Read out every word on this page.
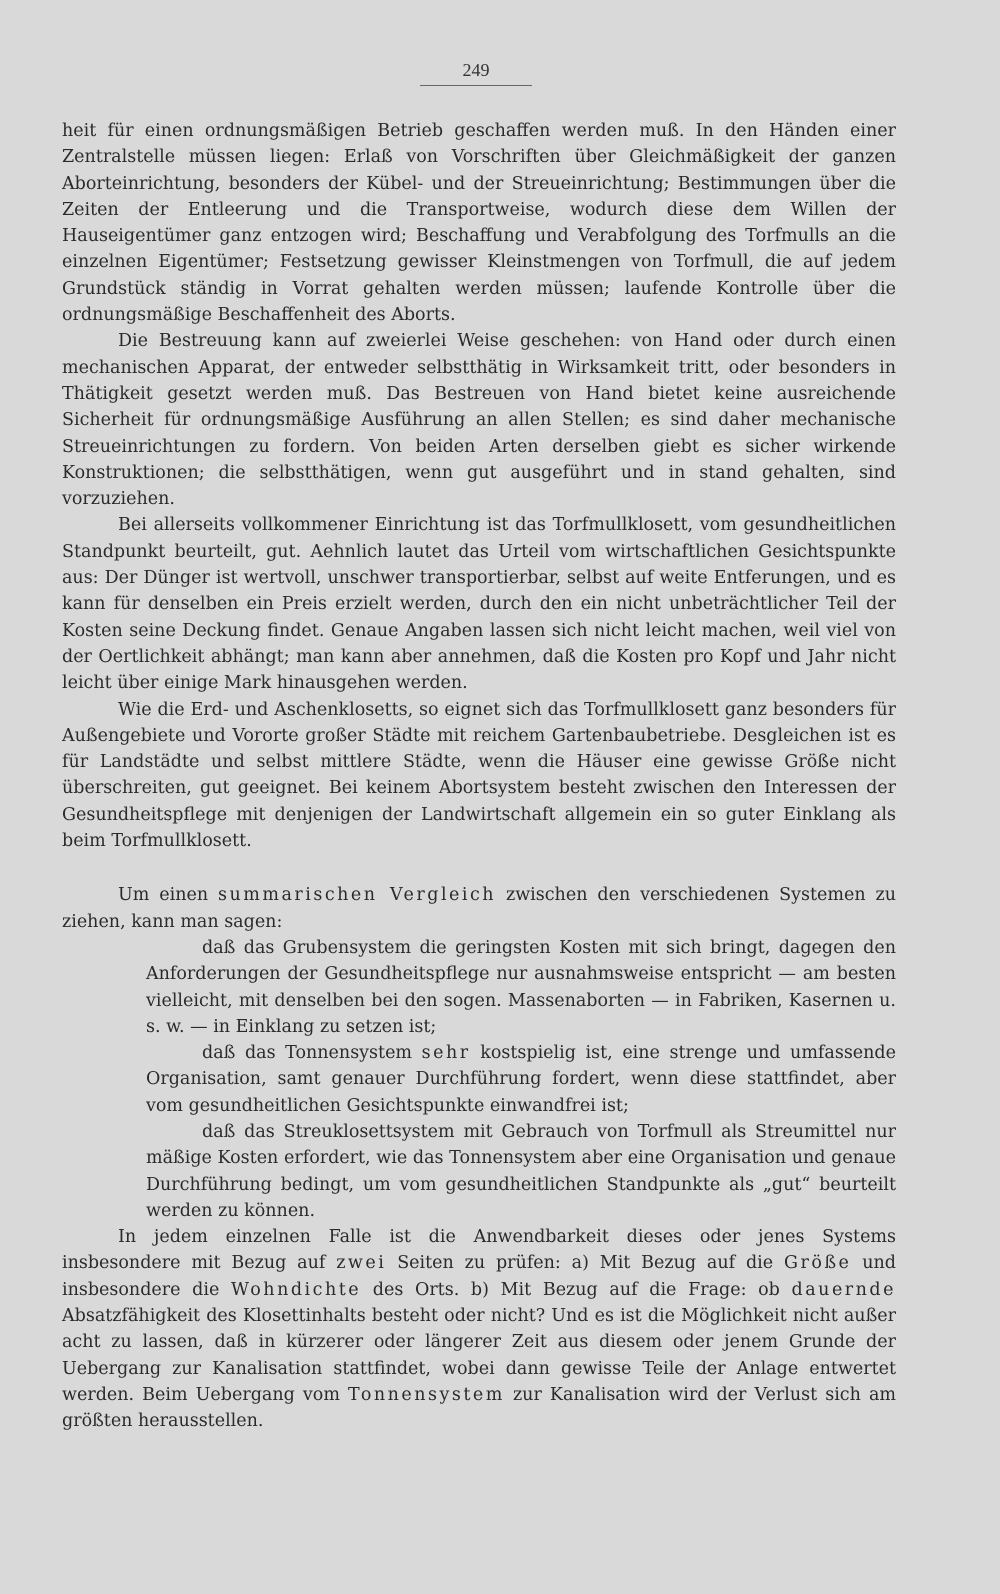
249

heit für einen ordnungsmäßigen Betrieb geschaffen werden muß. In den Händen einer Zentralstelle müssen liegen: Erlaß von Vorschriften über Gleichmäßigkeit der ganzen Aborteinrichtung, besonders der Kübel- und der Streueinrichtung; Bestimmungen über die Zeiten der Entleerung und die Transportweise, wodurch diese dem Willen der Hauseigentümer ganz entzogen wird; Beschaffung und Verabfolgung des Torfmulls an die einzelnen Eigentümer; Festsetzung gewisser Kleinstmengen von Torfmull, die auf jedem Grundstück ständig in Vorrat gehalten werden müssen; laufende Kontrolle über die ordnungsmäßige Beschaffenheit des Aborts.

Die Bestreuung kann auf zweierlei Weise geschehen: von Hand oder durch einen mechanischen Apparat, der entweder selbstthätig in Wirksamkeit tritt, oder besonders in Thätigkeit gesetzt werden muß. Das Bestreuen von Hand bietet keine ausreichende Sicherheit für ordnungsmäßige Ausführung an allen Stellen; es sind daher mechanische Streueinrichtungen zu fordern. Von beiden Arten derselben giebt es sicher wirkende Konstruktionen; die selbstthätigen, wenn gut ausgeführt und in stand gehalten, sind vorzuziehen.

Bei allerseits vollkommener Einrichtung ist das Torfmullklosett, vom gesundheitlichen Standpunkt beurteilt, gut. Aehnlich lautet das Urteil vom wirtschaftlichen Gesichtspunkte aus: Der Dünger ist wertvoll, unschwer transportierbar, selbst auf weite Entferungen, und es kann für denselben ein Preis erzielt werden, durch den ein nicht unbeträchtlicher Teil der Kosten seine Deckung findet. Genaue Angaben lassen sich nicht leicht machen, weil viel von der Oertlichkeit abhängt; man kann aber annehmen, daß die Kosten pro Kopf und Jahr nicht leicht über einige Mark hinausgehen werden.

Wie die Erd- und Aschenklosetts, so eignet sich das Torfmullklosett ganz besonders für Außengebiete und Vororte großer Städte mit reichem Gartenbaubetriebe. Desgleichen ist es für Landstädte und selbst mittlere Städte, wenn die Häuser eine gewisse Größe nicht überschreiten, gut geeignet. Bei keinem Abortsystem besteht zwischen den Interessen der Gesundheitspflege mit denjenigen der Landwirtschaft allgemein ein so guter Einklang als beim Torfmullklosett.

Um einen summarischen Vergleich zwischen den verschiedenen Systemen zu ziehen, kann man sagen:

daß das Grubensystem die geringsten Kosten mit sich bringt, dagegen den Anforderungen der Gesundheitspflege nur ausnahmsweise entspricht — am besten vielleicht, mit denselben bei den sogen. Massenaborten — in Fabriken, Kasernen u. s. w. — in Einklang zu setzen ist;

daß das Tonnensystem sehr kostspielig ist, eine strenge und umfassende Organisation, samt genauer Durchführung fordert, wenn diese stattfindet, aber vom gesundheitlichen Gesichtspunkte einwandfrei ist;

daß das Streuklosettsystem mit Gebrauch von Torfmull als Streumittel nur mäßige Kosten erfordert, wie das Tonnensystem aber eine Organisation und genaue Durchführung bedingt, um vom gesundheitlichen Standpunkte als „gut“ beurteilt werden zu können.

In jedem einzelnen Falle ist die Anwendbarkeit dieses oder jenes Systems insbesondere mit Bezug auf zwei Seiten zu prüfen: a) Mit Bezug auf die Größe und insbesondere die Wohndichte des Orts. b) Mit Bezug auf die Frage: ob dauernde Absatzfähigkeit des Klosettinhalts besteht oder nicht? Und es ist die Möglichkeit nicht außer acht zu lassen, daß in kürzerer oder längerer Zeit aus diesem oder jenem Grunde der Uebergang zur Kanalisation stattfindet, wobei dann gewisse Teile der Anlage entwertet werden. Beim Uebergang vom Tonnensystem zur Kanalisation wird der Verlust sich am größten herausstellen.
